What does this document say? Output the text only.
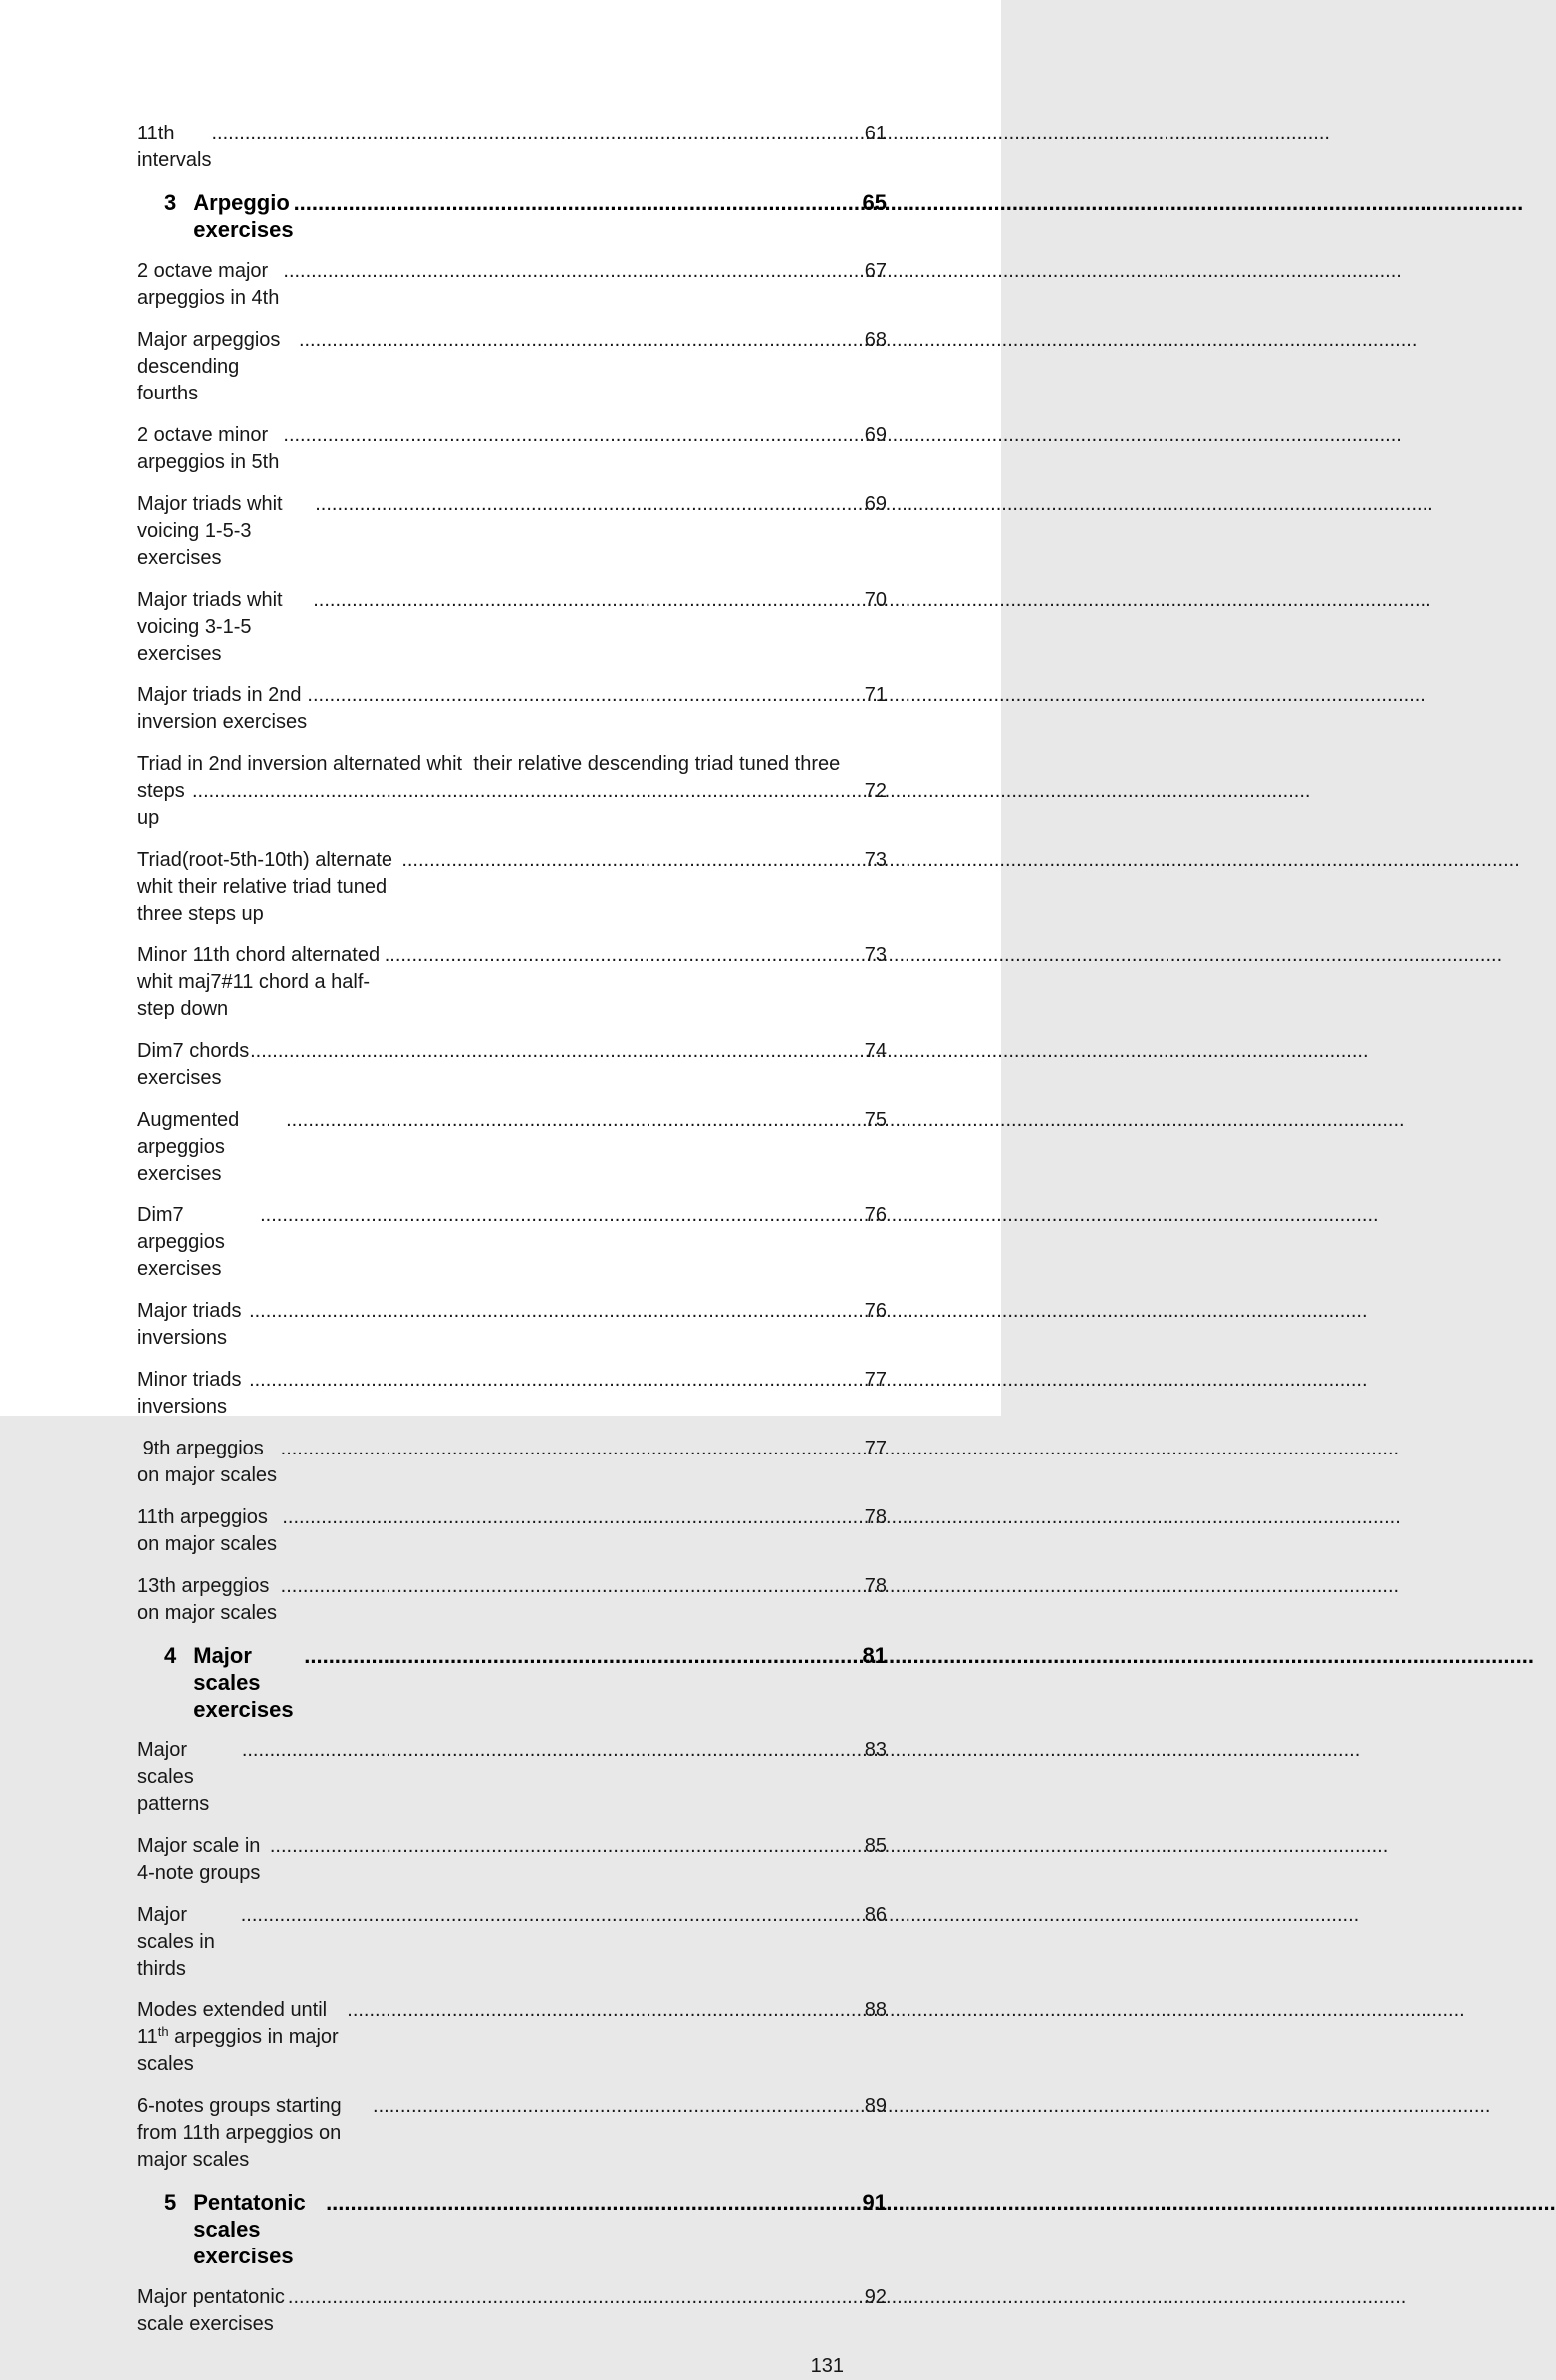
11th intervals
.....
61
3 Arpeggio exercises
.....
65
2 octave major arpeggios in 4th
.....
67
Major arpeggios descending fourths
.....
68
2 octave minor arpeggios in 5th
.....
69
Major triads whit  voicing 1-5-3 exercises
.....
69
Major triads whit voicing 3-1-5 exercises
.....
70
Major triads in 2nd inversion exercises
.....
71
Triad in 2nd inversion alternated whit  their relative descending triad tuned three
steps up
.....
72
Triad(root-5th-10th) alternate whit their relative triad tuned three steps up
.....
73
Minor 11th chord alternated whit maj7#11 chord a half-step down
.....
73
Dim7 chords exercises
.....
74
Augmented arpeggios exercises
.....
75
Dim7 arpeggios exercises
.....
76
Major triads inversions
.....
76
Minor triads inversions
.....
77
9th arpeggios on major scales
.....
77
11th arpeggios on major scales
.....
78
13th arpeggios on major scales
.....
78
4 Major scales exercises
.....
81
Major scales patterns
.....
83
Major scale in 4-note groups
.....
85
Major scales in thirds
.....
86
Modes extended until 11th arpeggios in major scales
.....
88
6-notes groups starting from 11th arpeggios on major scales
.....
89
5 Pentatonic scales exercises
.....
91
Major pentatonic scale exercises
.....
92
131
